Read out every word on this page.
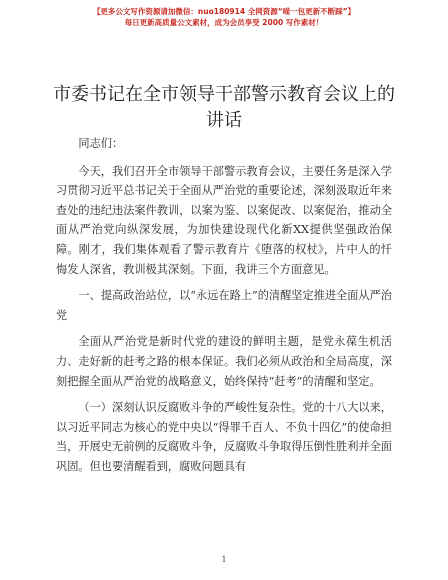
【更多公文写作资源请加微信：nuo180914 全网资源“喵一包更新不断踩”】
每日更新高质量公文素材，成为会员享受 2000 写作素材！
市委书记在全市领导干部警示教育会议上的讲话

同志们：

今天，我们召开全市领导干部警示教育会议，主要任务是深入学习贯彻习近平总书记关于全面从严治党的重要论述，深刻汲取近年来查处的违纪违法案件教训，以案为鉴、以案促改、以案促治，推动全面从严治党向纵深发展，为加快建设现代化新XX提供坚强政治保障。刚才，我们集体观看了警示教育片《堕落的权杖》，片中人的忏悔发人深省，教训极其深刻。下面，我讲三个方面意见。

一、提高政治站位，以“永远在路上”的清醒坚定推进全面从严治党

全面从严治党是新时代党的建设的鲜明主题，是党永葆生机活力、走好新的赶考之路的根本保证。我们必须从政治和全局高度，深刻把握全面从严治党的战略意义，始终保持“赶考”的清醒和坚定。

（一）深刻认识反腐败斗争的严峻性复杂性。党的十八大以来，以习近平同志为核心的党中央以“得罪千百人、不负十四亿”的使命担当，开展史无前例的反腐败斗争，反腐败斗争取得压倒性胜利并全面巩固。但也要清醒看到，腐败问题具有

1
